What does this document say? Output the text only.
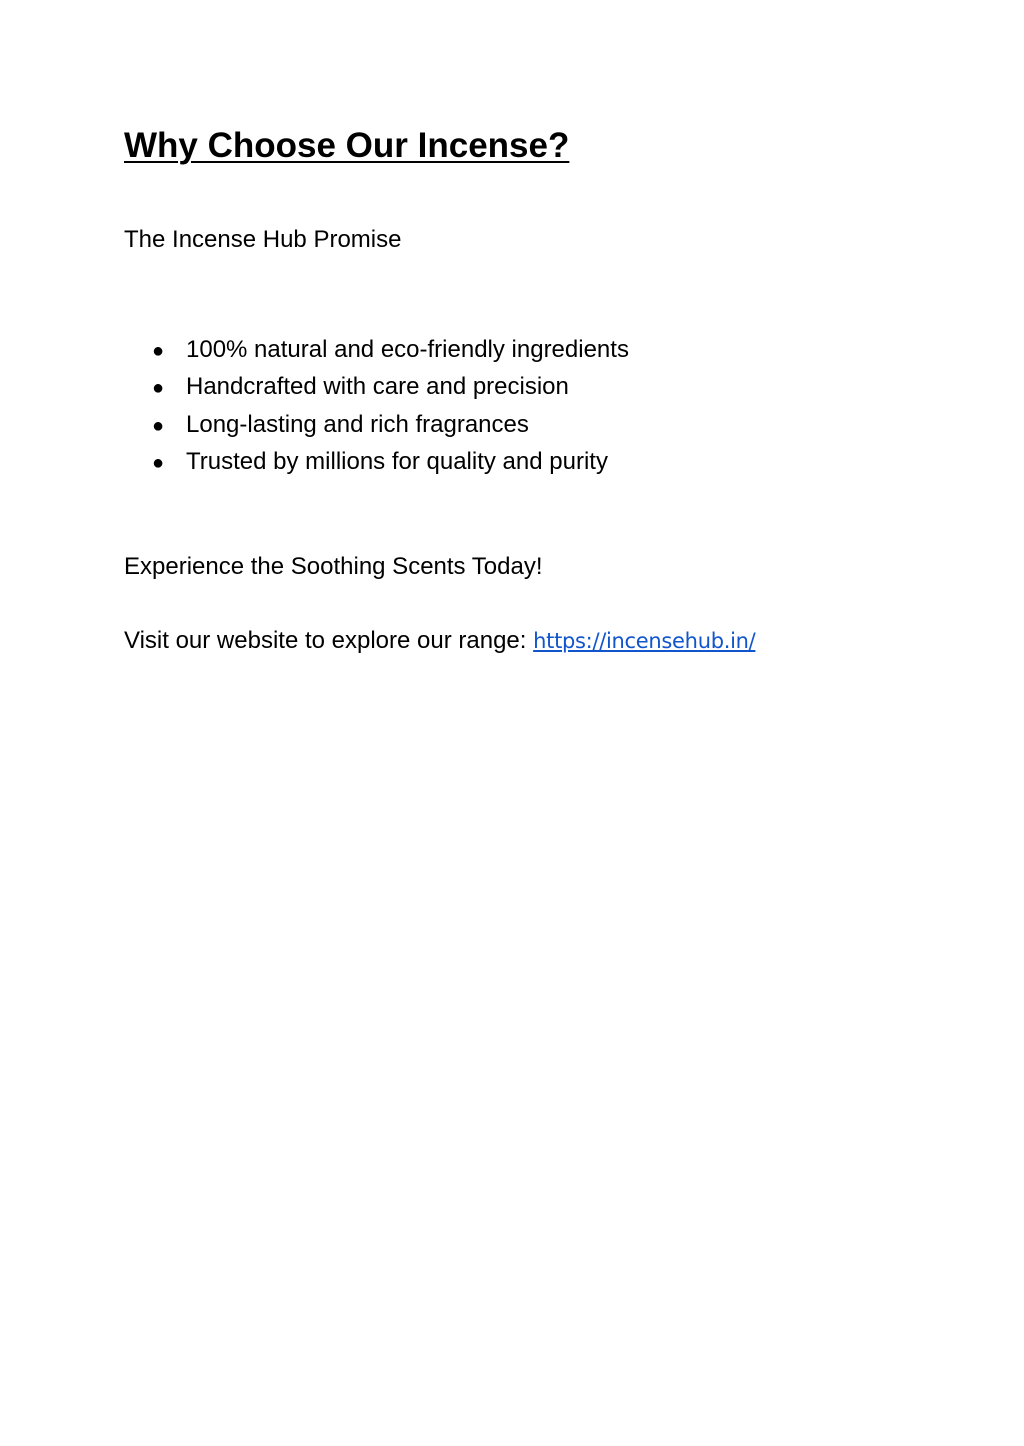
Why Choose Our Incense?

The Incense Hub Promise

● 100% natural and eco-friendly ingredients
● Handcrafted with care and precision
● Long-lasting and rich fragrances
● Trusted by millions for quality and purity

Experience the Soothing Scents Today!

Visit our website to explore our range: https://incensehub.in/
